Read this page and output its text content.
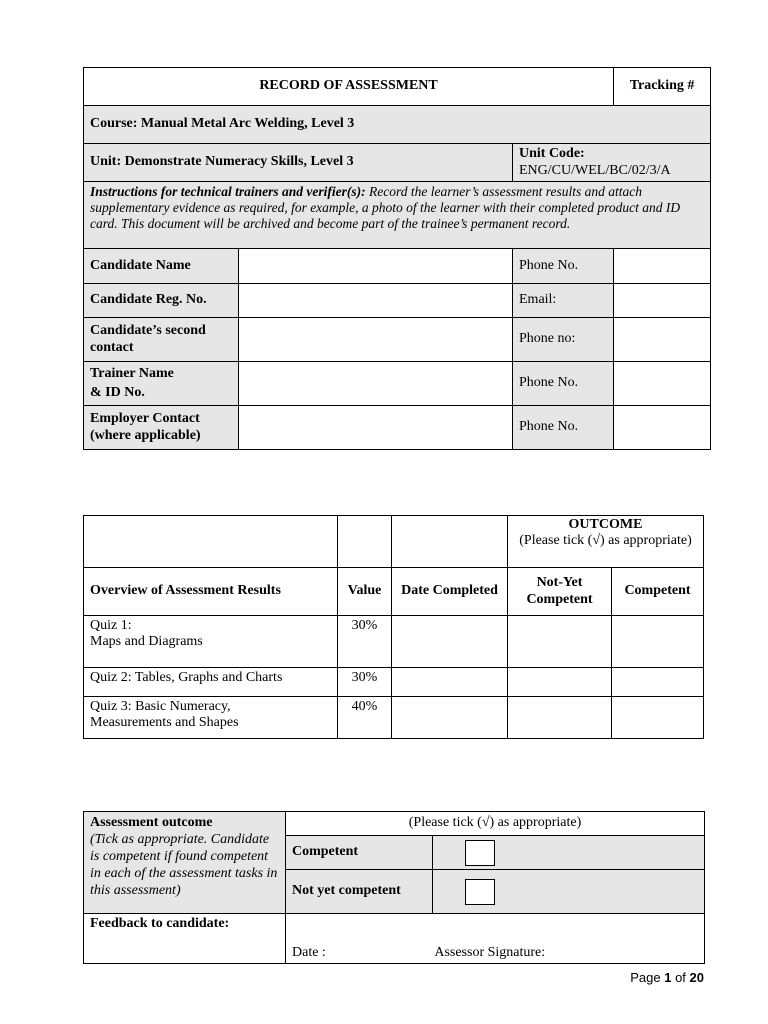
RECORD OF ASSESSMENT			Tracking #
Course: Manual Metal Arc Welding, Level 3			
Unit: Demonstrate Numeracy Skills, Level 3		Unit Code: ENG/CU/WEL/BC/02/3/A	
Instructions for technical trainers and verifier(s): Record the learner’s assessment results and attach supplementary evidence as required, for example, a photo of the learner with their completed product and ID card. This document will be archived and become part of the trainee’s permanent record.			
Candidate Name		Phone No.	
Candidate Reg. No.		Email:	
Candidate’s second contact		Phone no:	

Trainer Name
& ID No.		Phone No.	
Employer Contact (where applicable)		Phone No.	

			OUTCOME
(Please tick (√) as appropriate)	

Overview of Assessment Results	Value	Date Completed	Not-Yet Competent	Competent

Quiz 1:
Maps and Diagrams	30%			
Quiz 2: Tables, Graphs and Charts	30%			

Quiz 3: Basic Numeracy,
Measurements and Shapes	40%			
Assessment outcome
(Tick as appropriate. Candidate is competent if found competent in each of the assessment tasks in this assessment)	(Please tick (√) as appropriate)	
	Competent	
	Not yet competent	
Feedback to candidate:	Date : Assessor Signature:	
Page 1 of 20
